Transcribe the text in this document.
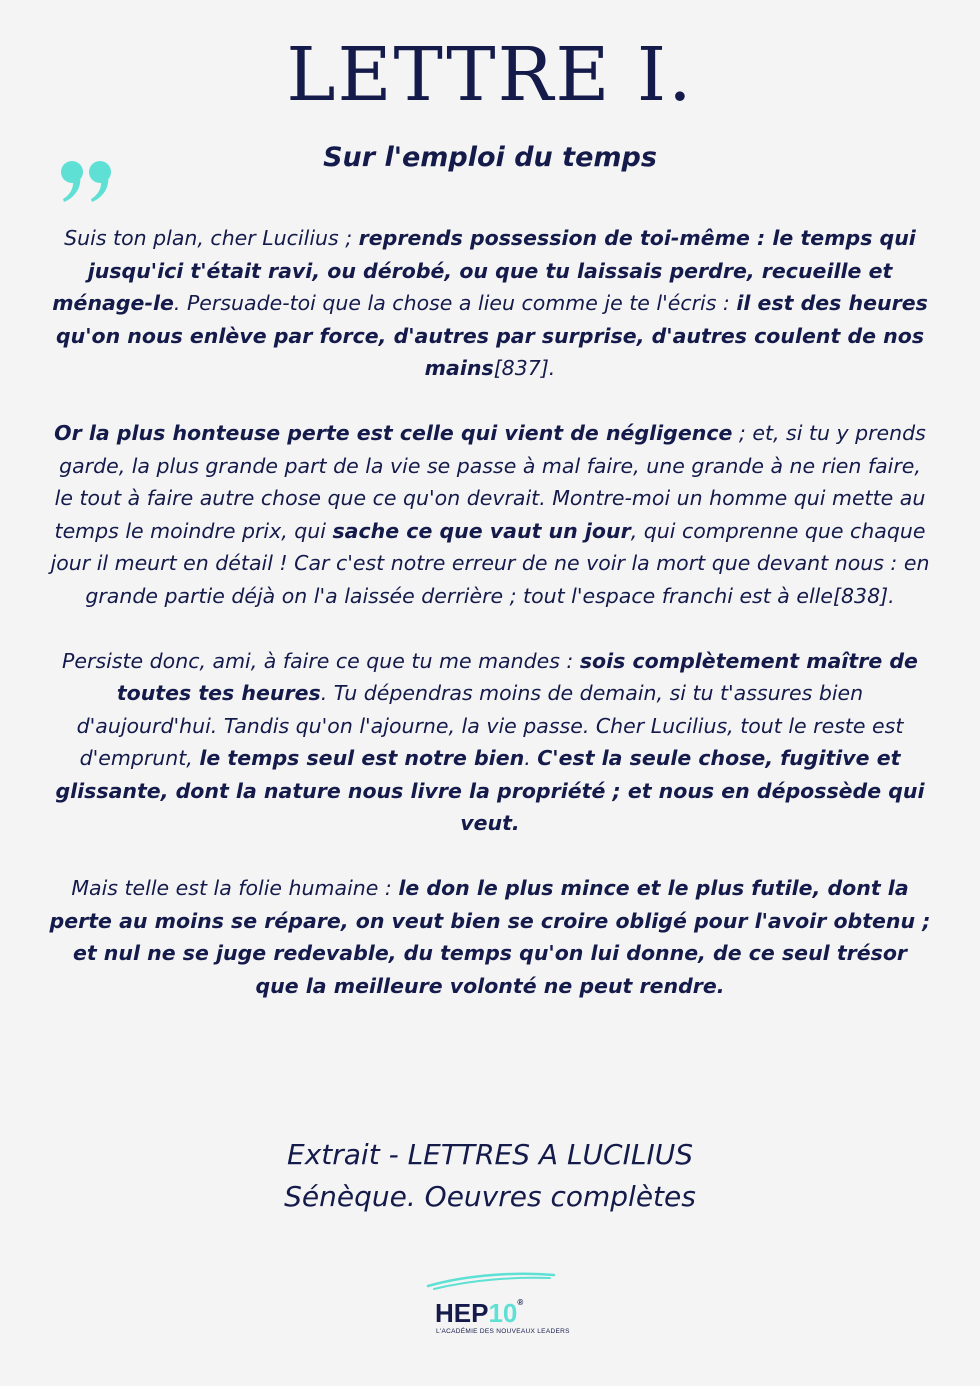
LETTRE I.
Sur l'emploi du temps

Suis ton plan, cher Lucilius ; reprends possession de toi-même : le temps qui jusqu'ici t'était ravi, ou dérobé, ou que tu laissais perdre, recueille et ménage-le. Persuade-toi que la chose a lieu comme je te l'écris : il est des heures qu'on nous enlève par force, d'autres par surprise, d'autres coulent de nos mains[837].

Or la plus honteuse perte est celle qui vient de négligence ; et, si tu y prends garde, la plus grande part de la vie se passe à mal faire, une grande à ne rien faire, le tout à faire autre chose que ce qu'on devrait. Montre-moi un homme qui mette au temps le moindre prix, qui sache ce que vaut un jour, qui comprenne que chaque jour il meurt en détail ! Car c'est notre erreur de ne voir la mort que devant nous : en grande partie déjà on l'a laissée derrière ; tout l'espace franchi est à elle[838].

Persiste donc, ami, à faire ce que tu me mandes : sois complètement maître de toutes tes heures. Tu dépendras moins de demain, si tu t'assures bien d'aujourd'hui. Tandis qu'on l'ajourne, la vie passe. Cher Lucilius, tout le reste est d'emprunt, le temps seul est notre bien. C'est la seule chose, fugitive et glissante, dont la nature nous livre la propriété ; et nous en dépossède qui veut.

Mais telle est la folie humaine : le don le plus mince et le plus futile, dont la perte au moins se répare, on veut bien se croire obligé pour l'avoir obtenu ; et nul ne se juge redevable, du temps qu'on lui donne, de ce seul trésor que la meilleure volonté ne peut rendre.

Extrait - LETTRES A LUCILIUS
Sénèque. Oeuvres complètes
HEP10®
L'ACADÉMIE DES NOUVEAUX LEADERS
